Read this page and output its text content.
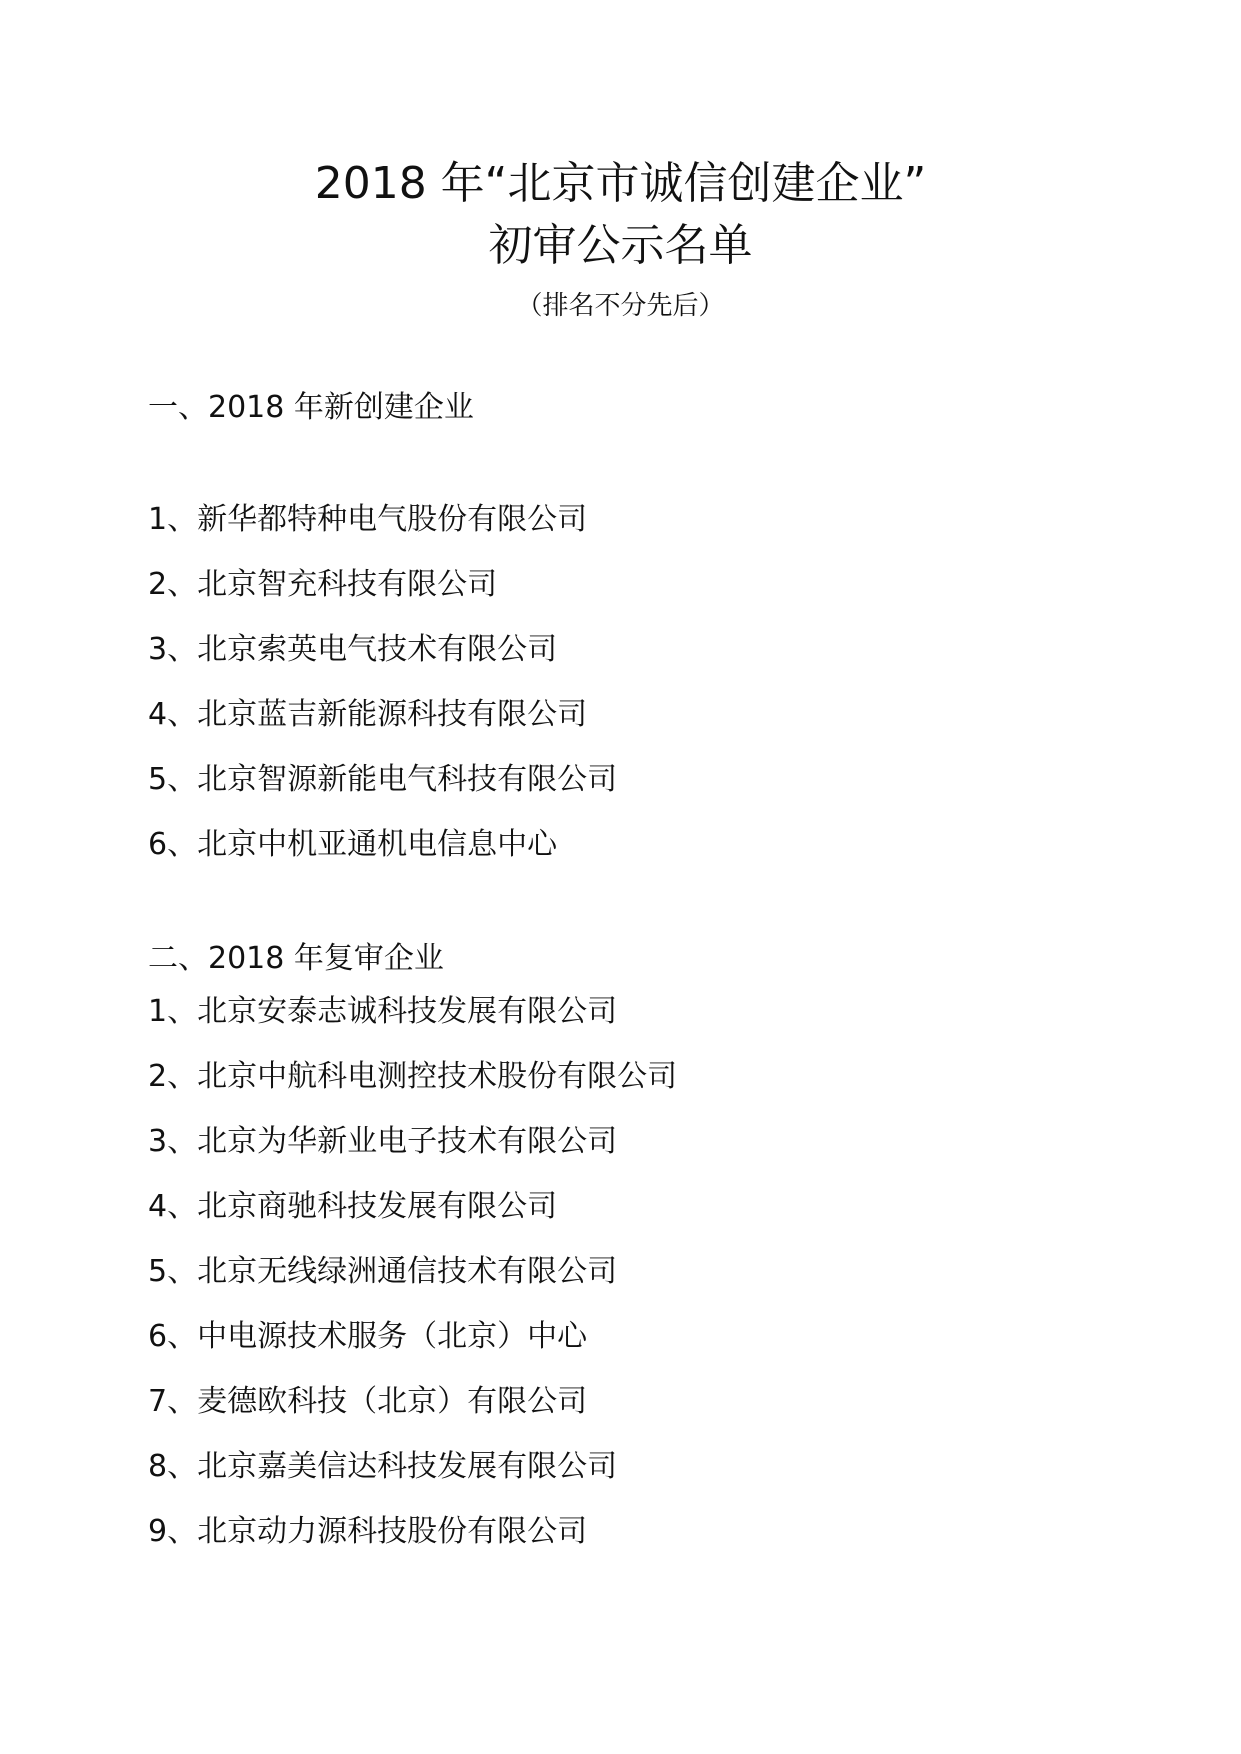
2018 年“北京市诚信创建企业”
初审公示名单
（排名不分先后）
一、2018 年新创建企业
1、新华都特种电气股份有限公司
2、北京智充科技有限公司
3、北京索英电气技术有限公司
4、北京蓝吉新能源科技有限公司
5、北京智源新能电气科技有限公司
6、北京中机亚通机电信息中心
二、2018 年复审企业
1、北京安泰志诚科技发展有限公司
2、北京中航科电测控技术股份有限公司
3、北京为华新业电子技术有限公司
4、北京商驰科技发展有限公司
5、北京无线绿洲通信技术有限公司
6、中电源技术服务（北京）中心
7、麦德欧科技（北京）有限公司
8、北京嘉美信达科技发展有限公司
9、北京动力源科技股份有限公司
